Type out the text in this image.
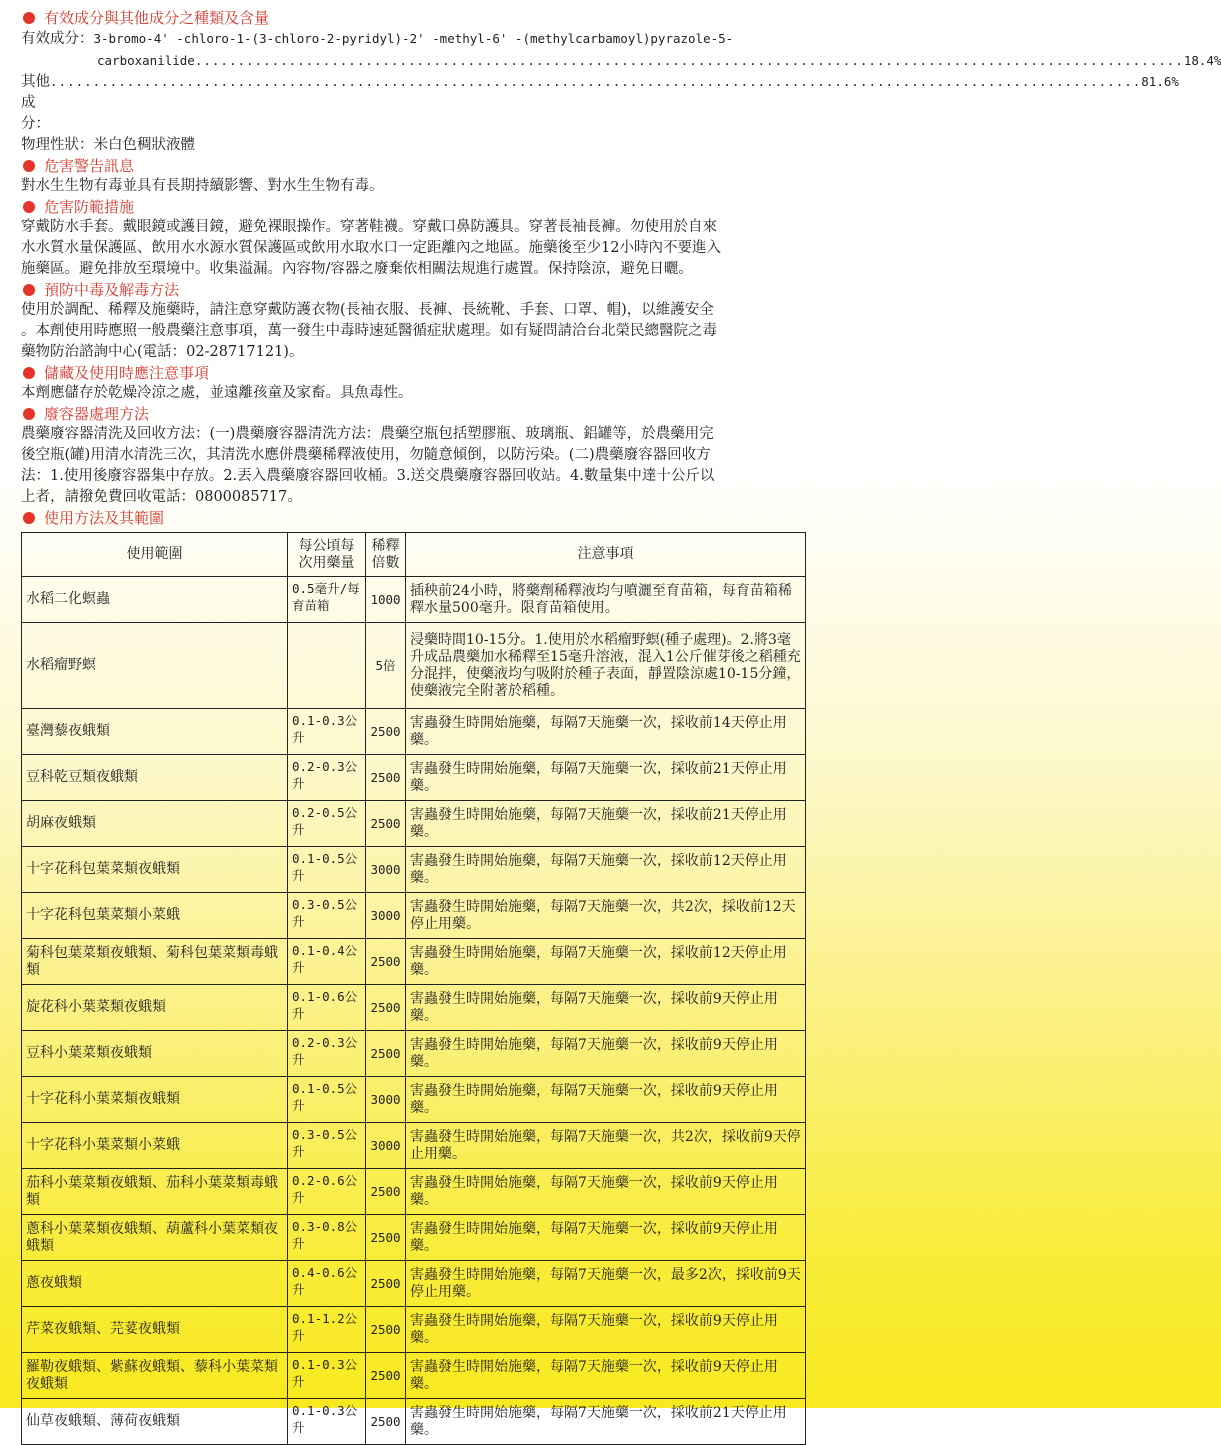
有效成分與其他成分之種類及含量
有效成分：3-bromo-4' -chloro-1-(3-chloro-2-pyridyl)-2' -methyl-6' -(methylcarbamoyl)pyrazole-5-
carboxanilide .................................................................................................................... 18.4%
其他成分：
................................................................................................................................ 81.6%
物理性狀：米白色稠狀液體
危害警告訊息
對水生生物有毒並具有長期持續影響、對水生生物有毒。
危害防範措施
穿戴防水手套。戴眼鏡或護目鏡，避免裸眼操作。穿著鞋襪。穿戴口鼻防護具。穿著長袖長褲。勿使用於自來
水水質水量保護區、飲用水水源水質保護區或飲用水取水口一定距離內之地區。施藥後至少12小時內不要進入
施藥區。避免排放至環境中。收集溢漏。內容物/容器之廢棄依相關法規進行處置。保持陰涼，避免日曬。
預防中毒及解毒方法
使用於調配、稀釋及施藥時，請注意穿戴防護衣物(長袖衣服、長褲、長統靴、手套、口罩、帽)，以維護安全
。本劑使用時應照一般農藥注意事項，萬一發生中毒時速延醫循症狀處理。如有疑問請洽台北榮民總醫院之毒
藥物防治諮詢中心(電話：02-28717121)。
儲藏及使用時應注意事項
本劑應儲存於乾燥冷涼之處，並遠離孩童及家畜。具魚毒性。
廢容器處理方法
農藥廢容器清洗及回收方法：(一)農藥廢容器清洗方法：農藥空瓶包括塑膠瓶、玻璃瓶、鋁罐等，於農藥用完
後空瓶(罐)用清水清洗三次，其清洗水應併農藥稀釋液使用，勿隨意傾倒，以防污染。(二)農藥廢容器回收方
法：1.使用後廢容器集中存放。2.丟入農藥廢容器回收桶。3.送交農藥廢容器回收站。4.數量集中達十公斤以
上者，請撥免費回收電話：0800085717。
使用方法及其範圍
使用範圍	每公頃每次用藥量	稀釋倍數	注意事項
水稻二化螟蟲	0.5毫升/每育苗箱	1000	插秧前24小時，將藥劑稀釋液均勻噴灑至育苗箱，每育苗箱稀釋水量500毫升。限育苗箱使用。
水稻瘤野螟		5倍	浸藥時間10-15分。1.使用於水稻瘤野螟(種子處理)。2.將3毫升成品農藥加水稀釋至15毫升溶液，混入1公斤催芽後之稻種充分混拌，使藥液均勻吸附於種子表面，靜置陰涼處10-15分鐘，使藥液完全附著於稻種。
臺灣藜夜蛾類	0.1-0.3公升	2500	害蟲發生時開始施藥，每隔7天施藥一次，採收前14天停止用藥。
豆科乾豆類夜蛾類	0.2-0.3公升	2500	害蟲發生時開始施藥，每隔7天施藥一次，採收前21天停止用藥。
胡麻夜蛾類	0.2-0.5公升	2500	害蟲發生時開始施藥，每隔7天施藥一次，採收前21天停止用藥。
十字花科包葉菜類夜蛾類	0.1-0.5公升	3000	害蟲發生時開始施藥，每隔7天施藥一次，採收前12天停止用藥。
十字花科包葉菜類小菜蛾	0.3-0.5公升	3000	害蟲發生時開始施藥，每隔7天施藥一次，共2次，採收前12天停止用藥。
菊科包葉菜類夜蛾類、菊科包葉菜類毒蛾類	0.1-0.4公升	2500	害蟲發生時開始施藥，每隔7天施藥一次，採收前12天停止用藥。
旋花科小葉菜類夜蛾類	0.1-0.6公升	2500	害蟲發生時開始施藥，每隔7天施藥一次，採收前9天停止用藥。
豆科小葉菜類夜蛾類	0.2-0.3公升	2500	害蟲發生時開始施藥，每隔7天施藥一次，採收前9天停止用藥。
十字花科小葉菜類夜蛾類	0.1-0.5公升	3000	害蟲發生時開始施藥，每隔7天施藥一次，採收前9天停止用藥。
十字花科小葉菜類小菜蛾	0.3-0.5公升	3000	害蟲發生時開始施藥，每隔7天施藥一次，共2次，採收前9天停止用藥。
茄科小葉菜類夜蛾類、茄科小葉菜類毒蛾類	0.2-0.6公升	2500	害蟲發生時開始施藥，每隔7天施藥一次，採收前9天停止用藥。
蔥科小葉菜類夜蛾類、葫蘆科小葉菜類夜蛾類	0.3-0.8公升	2500	害蟲發生時開始施藥，每隔7天施藥一次，採收前9天停止用藥。
蔥夜蛾類	0.4-0.6公升	2500	害蟲發生時開始施藥，每隔7天施藥一次，最多2次，採收前9天停止用藥。
芹菜夜蛾類、芫荽夜蛾類	0.1-1.2公升	2500	害蟲發生時開始施藥，每隔7天施藥一次，採收前9天停止用藥。
羅勒夜蛾類、紫蘇夜蛾類、藜科小葉菜類夜蛾類	0.1-0.3公升	2500	害蟲發生時開始施藥，每隔7天施藥一次，採收前9天停止用藥。
仙草夜蛾類、薄荷夜蛾類	0.1-0.3公升	2500	害蟲發生時開始施藥，每隔7天施藥一次，採收前21天停止用藥。
